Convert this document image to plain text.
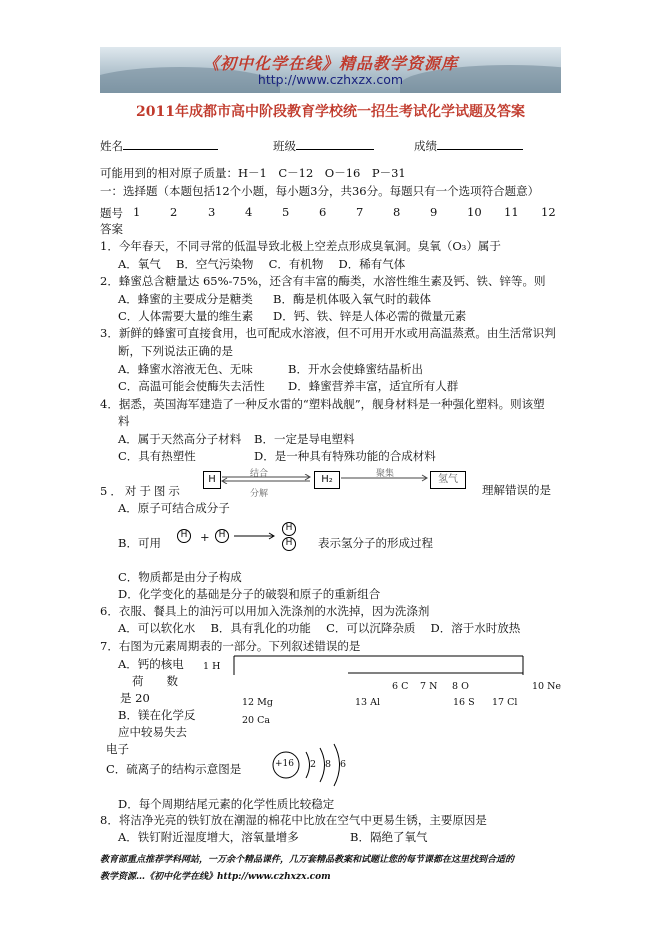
《初中化学在线》精品教学资源库
http://www.czhxzx.com
2011年成都市高中阶段教育学校统一招生考试化学试题及答案
姓名	班级	成绩
可能用到的相对原子质量：H－1　C－12　O－16　P－31
一：选择题（本题包括12个小题，每小题3分，共36分。每题只有一个选项符合题意）
题号 1	2	3	4	5	6	7	8	9	10 11 12
答案
1．今年春天，不同寻常的低温导致北极上空差点形成臭氧洞。臭氧（O₃）属于
A．氧气　 B．空气污染物　 C．有机物　 D．稀有气体
2．蜂蜜总含糖量达 65%-75%，还含有丰富的酶类，水溶性维生素及钙、铁、锌等。则
A．蜂蜜的主要成分是糖类 B．酶是机体吸入氧气时的载体
C．人体需要大量的维生素 D．钙、铁、锌是人体必需的微量元素
3．新鲜的蜂蜜可直接食用，也可配成水溶液，但不可用开水或用高温蒸煮。由生活常识判
断，下列说法正确的是
A．蜂蜜水溶液无色、无味	B．开水会使蜂蜜结晶析出
C．高温可能会使酶失去活性 D．蜂蜜营养丰富，适宜所有人群
4．据悉，英国海军建造了一种反水雷的“塑料战舰”，舰身材料是一种强化塑料。则该塑
料
A．属于天然高分子材料 B．一定是导电塑料
C．具有热塑性	D．是一种具有特殊功能的合成材料
5．对于图示
H	结合
分解
H₂	聚集	氢气
理解错误的是
A．原子可结合成分子
B．可用
H	+ H
H
H	表示氢分子的形成过程
C．物质都是由分子构成
D．化学变化的基础是分子的破裂和原子的重新组合
6．衣服、餐具上的油污可以用加入洗涤剂的水洗掉，因为洗涤剂
A．可以软化水　 B．具有乳化的功能　 C．可以沉降杂质　 D．溶于水时放热
7．右图为元素周期表的一部分。下列叙述错误的是
A．钙的核电
荷　　数
是 20
B．镁在化学反
应中较易失去
电子
1 H
6 C 7 N 8 O	10 Ne
12 Mg	13 Al	16 S 17 Cl
20 Ca
C．硫离子的结构示意图是	+16 2 8 6
D．每个周期结尾元素的化学性质比较稳定
8．将洁净光亮的铁钉放在潮湿的棉花中比放在空气中更易生锈，主要原因是
A．铁钉附近湿度增大，溶氧量增多	B．隔绝了氧气
教育部重点推荐学科网站，一万余个精品课件，几万套精品教案和试题让您的每节课都在这里找到合适的
教学资源…《初中化学在线》http://www.czhxzx.com
